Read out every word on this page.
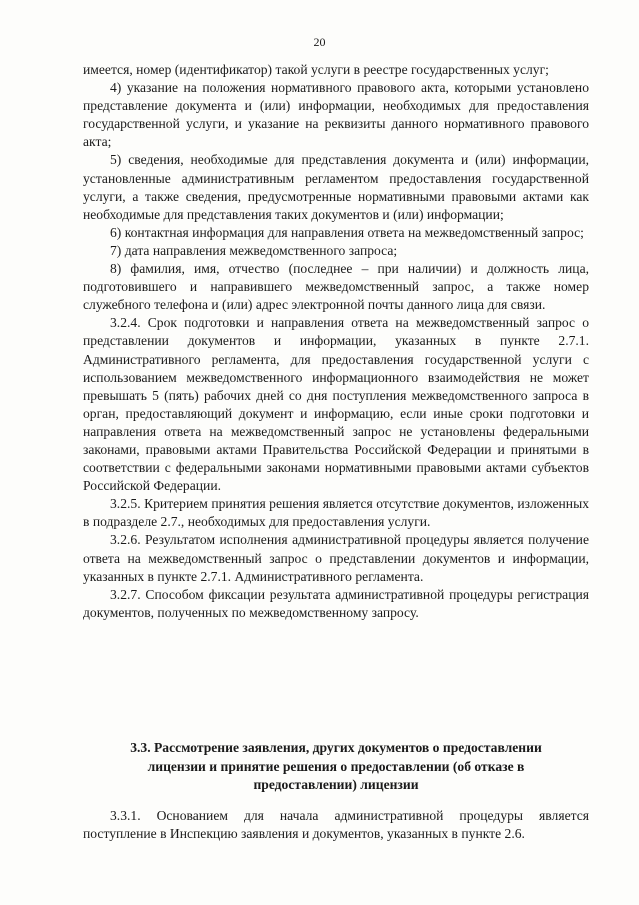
20

имеется, номер (идентификатор) такой услуги в реестре государственных услуг;

4) указание на положения нормативного правового акта, которыми установлено представление документа и (или) информации, необходимых для предоставления государственной услуги, и указание на реквизиты данного нормативного правового акта;

5) сведения, необходимые для представления документа и (или) информации, установленные административным регламентом предоставления государственной услуги, а также сведения, предусмотренные нормативными правовыми актами как необходимые для представления таких документов и (или) информации;

6) контактная информация для направления ответа на межведомственный запрос;

7) дата направления межведомственного запроса;

8) фамилия, имя, отчество (последнее – при наличии) и должность лица, подготовившего и направившего межведомственный запрос, а также номер служебного телефона и (или) адрес электронной почты данного лица для связи.

3.2.4. Срок подготовки и направления ответа на межведомственный запрос о представлении документов и информации, указанных в пункте 2.7.1. Административного регламента, для предоставления государственной услуги с использованием межведомственного информационного взаимодействия не может превышать 5 (пять) рабочих дней со дня поступления межведомственного запроса в орган, предоставляющий документ и информацию, если иные сроки подготовки и направления ответа на межведомственный запрос не установлены федеральными законами, правовыми актами Правительства Российской Федерации и принятыми в соответствии с федеральными законами нормативными правовыми актами субъектов Российской Федерации.

3.2.5. Критерием принятия решения является отсутствие документов, изложенных в подразделе 2.7., необходимых для предоставления услуги.

3.2.6. Результатом исполнения административной процедуры является получение ответа на межведомственный запрос о представлении документов и информации, указанных в пункте 2.7.1. Административного регламента.

3.2.7. Способом фиксации результата административной процедуры регистрация документов, полученных по межведомственному запросу.

3.3. Рассмотрение заявления, других документов о предоставлении
лицензии и принятие решения о предоставлении (об отказе в
предоставлении) лицензии

3.3.1. Основанием для начала административной процедуры является поступление в Инспекцию заявления и документов, указанных в пункте 2.6.
